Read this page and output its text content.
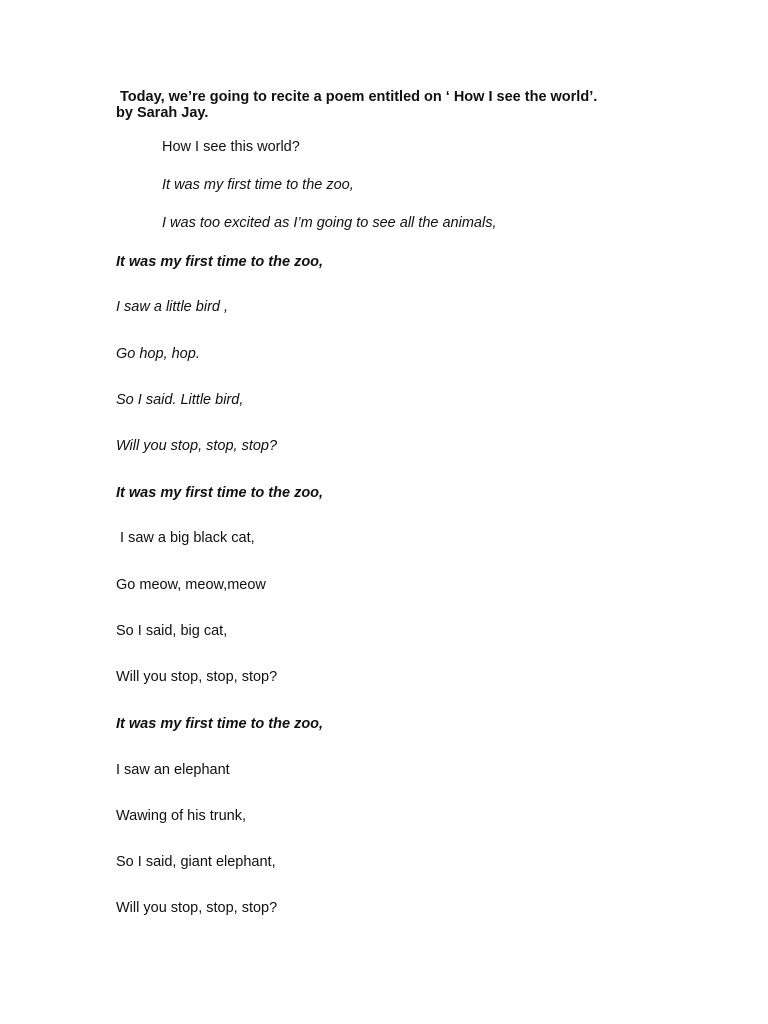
Today, we’re going to recite a poem entitled on ‘ How I see the world’.
by Sarah Jay.
How I see this world?
It was my first time to the zoo,
I was too excited as I’m going to see all the animals,
It was my first time to the zoo,
I saw a little bird ,
Go hop, hop.
So I said. Little bird,
Will you stop, stop, stop?
It was my first time to the zoo,
I saw a big black cat,
Go meow, meow,meow
So I said, big cat,
Will you stop, stop, stop?
It was my first time to the zoo,
I saw an elephant
Wawing of his trunk,
So I said, giant elephant,
Will you stop, stop, stop?
